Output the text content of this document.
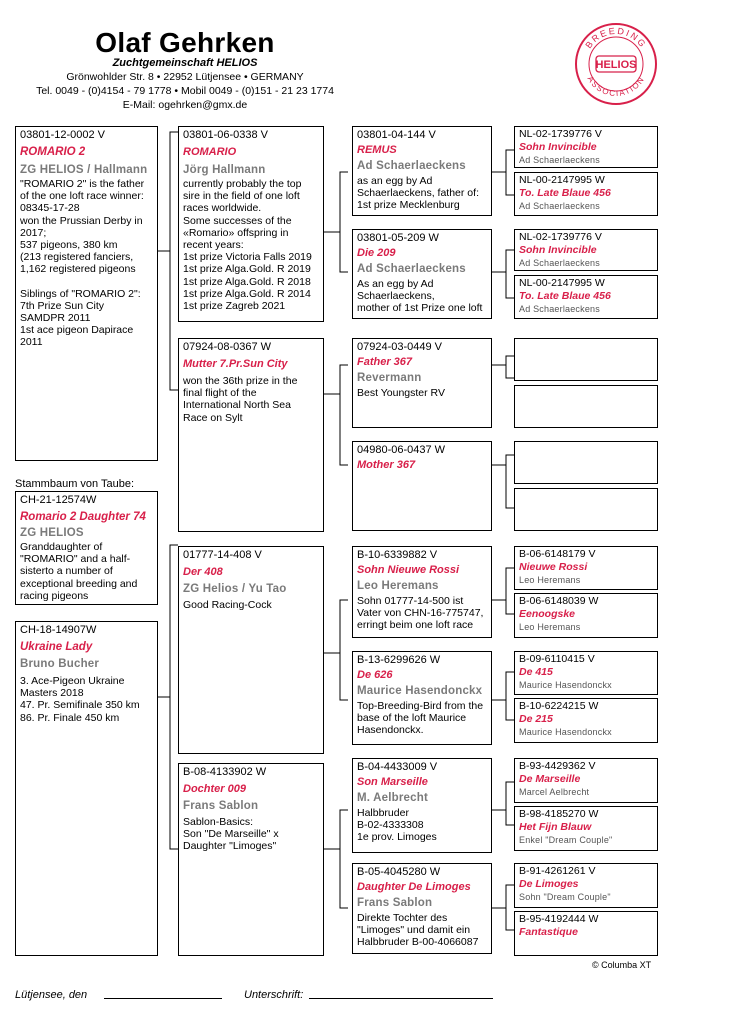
Olaf Gehrken
Zuchtgemeinschaft HELIOS
Grönwohlder Str. 8 • 22952 Lütjensee • GERMANY
Tel. 0049 - (0)4154 - 79 1778 • Mobil 0049 - (0)151 - 21 23 1774
E-Mail: ogehrken@gmx.de
BREEDING
ASSOCIATION
HELIOS
03801-12-0002 V
ROMARIO 2
ZG HELIOS / Hallmann
"ROMARIO 2" is the father
of the one loft race winner:
08345-17-28
won the Prussian Derby in
2017;
537 pigeons, 380 km
(213 registered fanciers,
1,162 registered pigeons
Siblings of "ROMARIO 2":
7th Prize Sun City
SAMDPR 2011
1st ace pigeon Dapirace
2011
Stammbaum von Taube:
CH-21-12574W
Romario 2 Daughter 74
ZG HELIOS
Granddaughter of
"ROMARIO" and a half-
sisterto a number of
exceptional breeding and
racing pigeons
CH-18-14907W
Ukraine Lady
Bruno Bucher
3. Ace-Pigeon Ukraine
Masters 2018
47. Pr. Semifinale 350 km
86. Pr. Finale 450 km
03801-06-0338 V
ROMARIO
Jörg Hallmann
currently probably the top
sire in the field of one loft
races worldwide.
Some successes of the
«Romario» offspring in
recent years:
1st prize Victoria Falls 2019
1st prize Alga.Gold. R 2019
1st prize Alga.Gold. R 2018
1st prize Alga.Gold. R 2014
1st prize Zagreb 2021
07924-08-0367 W
Mutter 7.Pr.Sun City
won the 36th prize in the
final flight of the
International North Sea
Race on Sylt
01777-14-408 V
Der 408
ZG Helios / Yu Tao
Good Racing-Cock
B-08-4133902 W
Dochter 009
Frans Sablon
Sablon-Basics:
Son "De Marseille" x
Daughter "Limoges"
03801-04-144 V
REMUS
Ad Schaerlaeckens
as an egg by Ad
Schaerlaeckens, father of:
1st prize Mecklenburg
03801-05-209 W
Die 209
Ad Schaerlaeckens
As an egg by Ad
Schaerlaeckens,
mother of 1st Prize one loft
07924-03-0449 V
Father 367
Revermann
Best Youngster RV
04980-06-0437 W
Mother 367
B-10-6339882 V
Sohn Nieuwe Rossi
Leo Heremans
Sohn 01777-14-500 ist
Vater von CHN-16-775747,
erringt beim one loft race
B-13-6299626 W
De 626
Maurice Hasendonckx
Top-Breeding-Bird from the
base of the loft Maurice
Hasendonckx.
B-04-4433009 V
Son Marseille
M. Aelbrecht
Halbbruder
B-02-4333308
1e prov. Limoges
B-05-4045280 W
Daughter De Limoges
Frans Sablon
Direkte Tochter des
"Limoges" und damit ein
Halbbruder B-00-4066087
NL-02-1739776 V
Sohn Invincible
Ad Schaerlaeckens
NL-00-2147995 W
To. Late Blaue 456
Ad Schaerlaeckens
NL-02-1739776 V
Sohn Invincible
Ad Schaerlaeckens
NL-00-2147995 W
To. Late Blaue 456
Ad Schaerlaeckens
B-06-6148179 V
Nieuwe Rossi
Leo Heremans
B-06-6148039 W
Eenoogske
Leo Heremans
B-09-6110415 V
De 415
Maurice Hasendonckx
B-10-6224215 W
De 215
Maurice Hasendonckx
B-93-4429362 V
De Marseille
Marcel Aelbrecht
B-98-4185270 W
Het Fijn Blauw
Enkel "Dream Couple"
B-91-4261261 V
De Limoges
Sohn "Dream Couple"
B-95-4192444 W
Fantastique
© Columba XT
Lütjensee, den	Unterschrift:
